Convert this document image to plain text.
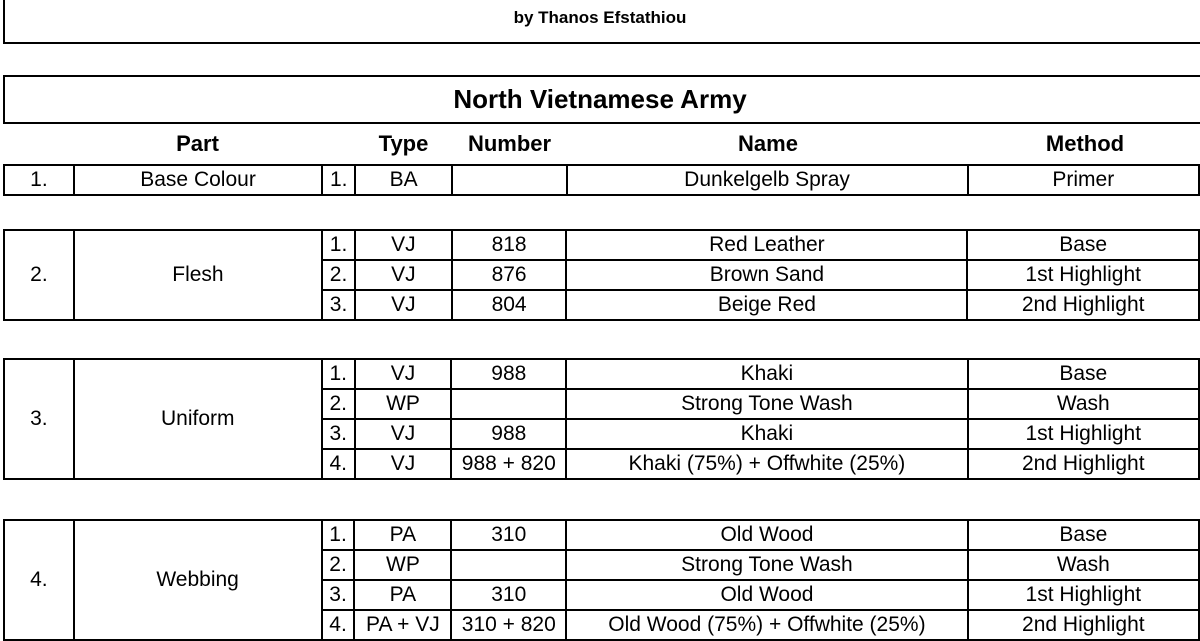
by Thanos Efstathiou
North Vietnamese Army
Part	Type	Number	Name	Method
1.	Base Colour	1.	BA		Dunkelgelb Spray	Primer
2.	Flesh	1.	VJ	818	Red Leather	Base
		2.	VJ	876	Brown Sand	1st Highlight
		3.	VJ	804	Beige Red	2nd Highlight
3.	Uniform	1.	VJ	988	Khaki	Base
		2.	WP		Strong Tone Wash	Wash
		3.	VJ	988	Khaki	1st Highlight
		4.	VJ	988 + 820	Khaki (75%) + Offwhite (25%)	2nd Highlight
4.	Webbing	1.	PA	310	Old Wood	Base
		2.	WP		Strong Tone Wash	Wash
		3.	PA	310	Old Wood	1st Highlight
		4.	PA + VJ	310 + 820	Old Wood (75%) + Offwhite (25%)	2nd Highlight
